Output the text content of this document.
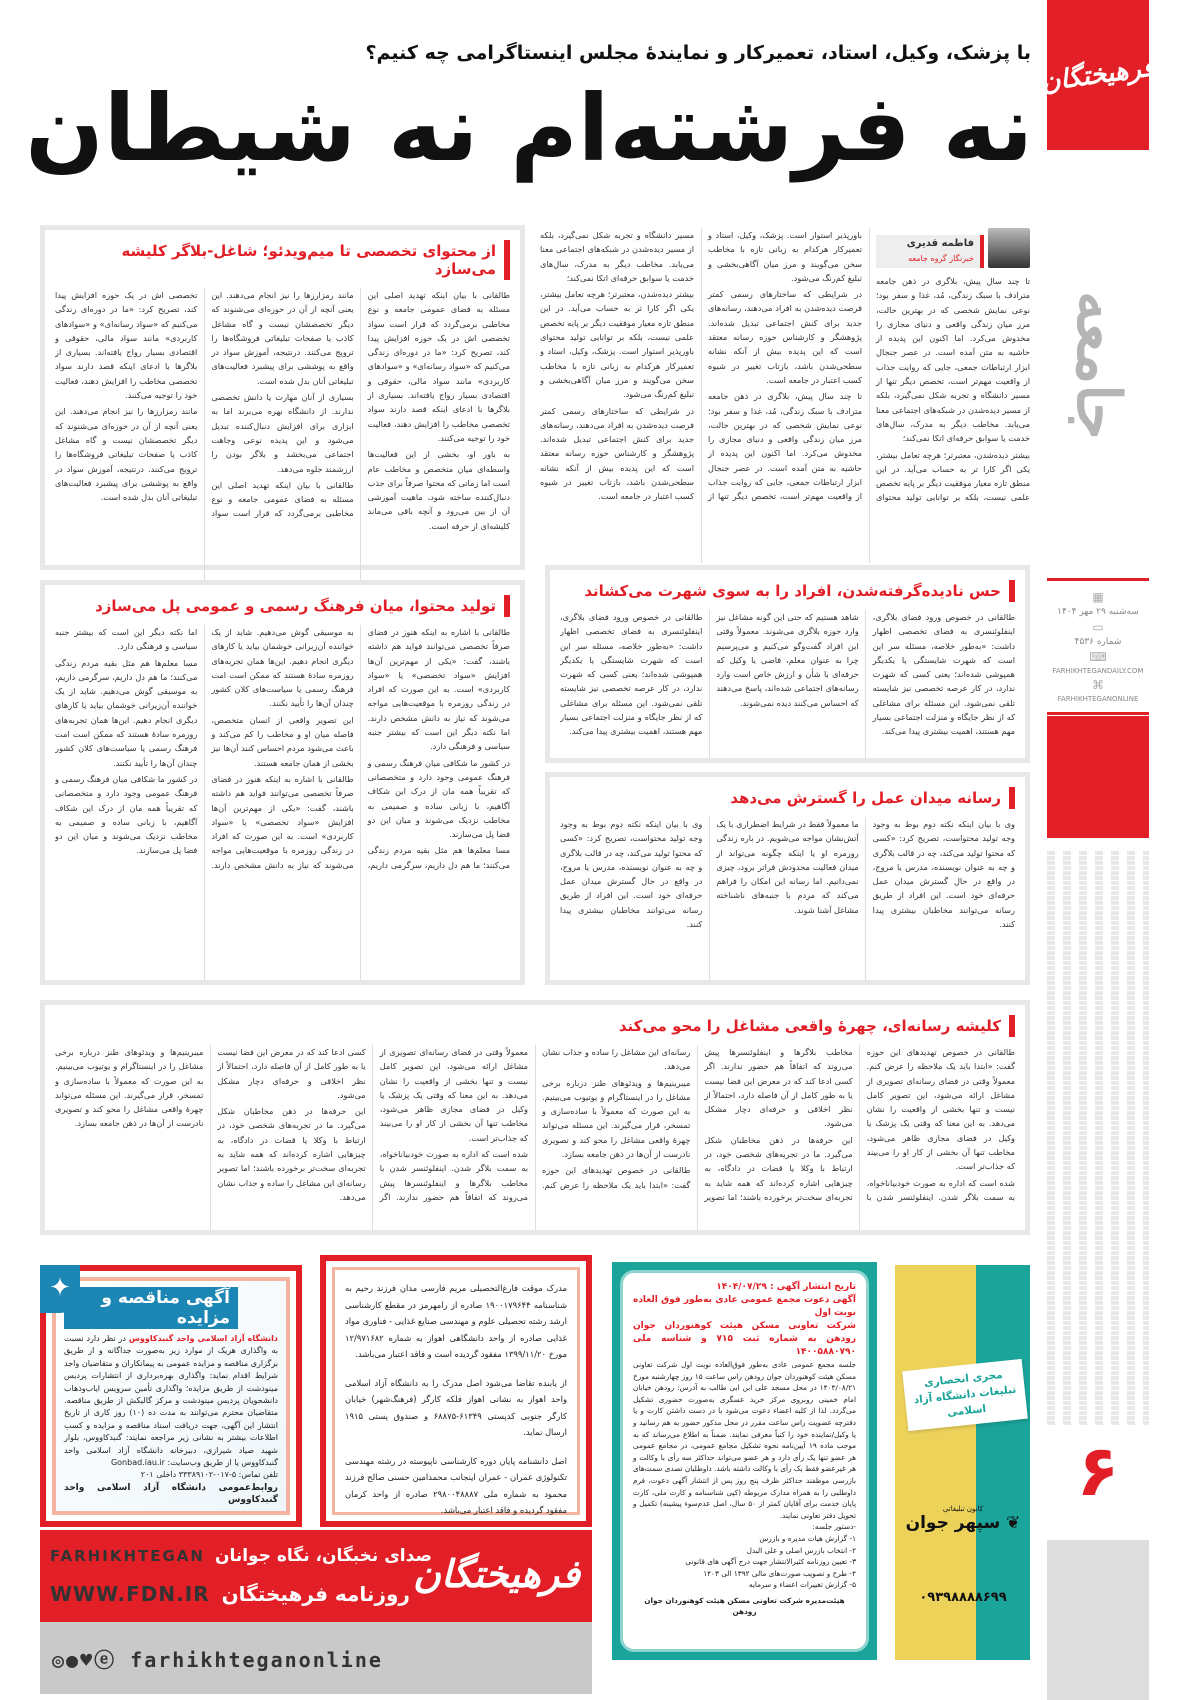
فرهیختگان
جامعه
▦
سه‌شنبه ۲۹ مهر ۱۴۰۴
▭
شماره ۴۵۳۶
⌨
FARHIKHTEGANDAILY.COM
⌘
FARHIKHTEGANONLINE
۶
با پزشک، وکیل، استاد، تعمیرکار و نمایندهٔ مجلس اینستاگرامی چه کنیم؟
نه فرشته‌ام نه شیطان
فاطمه قدیری
خبرنگار گروه جامعه

تا چند سال پیش، بلاگری در ذهن جامعه مترادف با سبک زندگی، مُد، غذا و سفر بود؛ نوعی نمایش شخصی که در بهترین حالت، مرز میان زندگی واقعی و دنیای مجازی را مخدوش می‌کرد. اما اکنون این پدیده از حاشیه به متن آمده است. در عصر جنجال ابزار ارتباطات جمعی، جایی که روایت جذاب از واقعیت مهم‌تر است، تخصص دیگر تنها از مسیر دانشگاه و تجربه شکل نمی‌گیرد، بلکه از مسیر دیده‌شدن در شبکه‌های اجتماعی معنا می‌یابد. مخاطب دیگر به مدرک، سال‌های خدمت یا سوابق حرفه‌ای اتکا نمی‌کند؛

بیشتر دیده‌شدن، معتبرتر؛ هرچه تعامل بیشتر، یکی اگر کارا تر به حساب می‌آید. در این منطق تازه معیار موفقیت دیگر بر پایه تخصص علمی نیست، بلکه بر توانایی تولید محتوای باورپذیر استوار است. پزشک، وکیل، استاد و تعمیرکار هرکدام به زبانی تازه با مخاطب سخن می‌گویند و مرز میان آگاهی‌بخشی و تبلیغ کم‌رنگ می‌شود.

در شرایطی که ساختارهای رسمی کمتر فرصت دیده‌شدن به افراد می‌دهند، رسانه‌های جدید برای کنش اجتماعی تبدیل شده‌اند. پژوهشگر و کارشناس حوزه رسانه معتقد است که این پدیده بیش از آنکه نشانه سطحی‌شدن باشد، بازتاب تغییر در شیوه کسب اعتبار در جامعه است.

تا چند سال پیش، بلاگری در ذهن جامعه مترادف با سبک زندگی، مُد، غذا و سفر بود؛ نوعی نمایش شخصی که در بهترین حالت، مرز میان زندگی واقعی و دنیای مجازی را مخدوش می‌کرد. اما اکنون این پدیده از حاشیه به متن آمده است. در عصر جنجال ابزار ارتباطات جمعی، جایی که روایت جذاب از واقعیت مهم‌تر است، تخصص دیگر تنها از مسیر دانشگاه و تجربه شکل نمی‌گیرد، بلکه از مسیر دیده‌شدن در شبکه‌های اجتماعی معنا می‌یابد. مخاطب دیگر به مدرک، سال‌های خدمت یا سوابق حرفه‌ای اتکا نمی‌کند؛

بیشتر دیده‌شدن، معتبرتر؛ هرچه تعامل بیشتر، یکی اگر کارا تر به حساب می‌آید. در این منطق تازه معیار موفقیت دیگر بر پایه تخصص علمی نیست، بلکه بر توانایی تولید محتوای باورپذیر استوار است. پزشک، وکیل، استاد و تعمیرکار هرکدام به زبانی تازه با مخاطب سخن می‌گویند و مرز میان آگاهی‌بخشی و تبلیغ کم‌رنگ می‌شود.

در شرایطی که ساختارهای رسمی کمتر فرصت دیده‌شدن به افراد می‌دهند، رسانه‌های جدید برای کنش اجتماعی تبدیل شده‌اند. پژوهشگر و کارشناس حوزه رسانه معتقد است که این پدیده بیش از آنکه نشانه سطحی‌شدن باشد، بازتاب تغییر در شیوه کسب اعتبار در جامعه است.

از محتوای تخصصی تا میم‌ویدئو؛ شاغل-بلاگر کلیشه می‌سازد

طالقانی با بیان اینکه تهدید اصلی این مسئله به فضای عمومی جامعه و نوع مخاطبی برمی‌گردد که قرار است سواد تخصصی اش در یک حوزه افزایش پیدا کند، تصریح کرد: «ما در دوره‌ای زندگی می‌کنیم که «سواد رسانه‌ای» و «سوادهای کاربردی» مانند سواد مالی، حقوقی و اقتصادی بسیار رواج یافته‌اند. بسیاری از بلاگرها با ادعای اینکه قصد دارند سواد تخصصی مخاطب را افزایش دهند، فعالیت خود را توجیه می‌کنند.

به باور او، بخشی از این فعالیت‌ها واسطه‌ای میان متخصص و مخاطب عام است اما زمانی که محتوا صرفاً برای جذب دنبال‌کننده ساخته شود، ماهیت آموزشی آن از بین می‌رود و آنچه باقی می‌ماند کلیشه‌ای از حرفه است.

مانند رمزارزها را نیز انجام می‌دهند. این یعنی آنچه از آن در حوزه‌ای می‌شنوند که دیگر تخصصشان نیست و گاه مشاغل کاذب یا صفحات تبلیغاتی فروشگاه‌ها را ترویج می‌کنند. درنتیجه، آموزش سواد در واقع به پوششی برای پیشبرد فعالیت‌های تبلیغاتی آنان بدل شده است.

بسیاری از آنان مهارت یا دانش تخصصی ندارند. از دانشگاه بهره می‌برند اما به ابزاری برای افزایش دنبال‌کننده تبدیل می‌شود و این پدیده نوعی وجاهت اجتماعی می‌بخشد و بلاگر بودن را ارزشمند جلوه می‌دهد.

طالقانی با بیان اینکه تهدید اصلی این مسئله به فضای عمومی جامعه و نوع مخاطبی برمی‌گردد که قرار است سواد تخصصی اش در یک حوزه افزایش پیدا کند، تصریح کرد: «ما در دوره‌ای زندگی می‌کنیم که «سواد رسانه‌ای» و «سوادهای کاربردی» مانند سواد مالی، حقوقی و اقتصادی بسیار رواج یافته‌اند. بسیاری از بلاگرها با ادعای اینکه قصد دارند سواد تخصصی مخاطب را افزایش دهند، فعالیت خود را توجیه می‌کنند.

مانند رمزارزها را نیز انجام می‌دهند. این یعنی آنچه از آن در حوزه‌ای می‌شنوند که دیگر تخصصشان نیست و گاه مشاغل کاذب یا صفحات تبلیغاتی فروشگاه‌ها را ترویج می‌کنند. درنتیجه، آموزش سواد در واقع به پوششی برای پیشبرد فعالیت‌های تبلیغاتی آنان بدل شده است.

تولید محتوا، میان فرهنگ رسمی و عمومی پل می‌سازد

طالقانی با اشاره به اینکه هنوز در فضای صرفاً تخصصی می‌توانند فواید هم داشته باشند، گفت: «یکی از مهم‌ترین آن‌ها افزایش «سواد تخصصی» یا «سواد کاربردی» است. به این صورت که افراد در زندگی روزمره با موقعیت‌هایی مواجه می‌شوند که نیاز به دانش مشخص دارند. اما نکته دیگر این است که بیشتر جنبه سیاسی و فرهنگی دارد.

در کشور ما شکافی میان فرهنگ رسمی و فرهنگ عمومی وجود دارد و متخصصانی که تقریباً همه مان از درک این شکاف آگاهیم، با زبانی ساده و صمیمی به مخاطب نزدیک می‌شوند و میان این دو فضا پل می‌سازند.

مسا معلم‌ها هم مثل بقیه مردم زندگی می‌کنند؛ ما هم دل داریم، سرگرمی داریم، به موسیقی گوش می‌دهیم. شاید از یک خواننده آن‌زیرانی خوشمان بیاید یا کارهای دیگری انجام دهیم. این‌ها همان تجربه‌های روزمره سادهٔ هستند که ممکن است امت فرهنگ رسمی یا سیاست‌های کلان کشور چندان آن‌ها را تأیید نکنند.

این تصویر واقعی از انسان متخصص، فاصله میان او و مخاطب را کم می‌کند و باعث می‌شود مردم احساس کنند آن‌ها نیز بخشی از همان جامعه هستند.

طالقانی با اشاره به اینکه هنوز در فضای صرفاً تخصصی می‌توانند فواید هم داشته باشند، گفت: «یکی از مهم‌ترین آن‌ها افزایش «سواد تخصصی» یا «سواد کاربردی» است. به این صورت که افراد در زندگی روزمره با موقعیت‌هایی مواجه می‌شوند که نیاز به دانش مشخص دارند. اما نکته دیگر این است که بیشتر جنبه سیاسی و فرهنگی دارد.

مسا معلم‌ها هم مثل بقیه مردم زندگی می‌کنند؛ ما هم دل داریم، سرگرمی داریم، به موسیقی گوش می‌دهیم. شاید از یک خواننده آن‌زیرانی خوشمان بیاید یا کارهای دیگری انجام دهیم. این‌ها همان تجربه‌های روزمره سادهٔ هستند که ممکن است امت فرهنگ رسمی یا سیاست‌های کلان کشور چندان آن‌ها را تأیید نکنند.

در کشور ما شکافی میان فرهنگ رسمی و فرهنگ عمومی وجود دارد و متخصصانی که تقریباً همه مان از درک این شکاف آگاهیم، با زبانی ساده و صمیمی به مخاطب نزدیک می‌شوند و میان این دو فضا پل می‌سازند.

حس نادیده‌گرفته‌شدن، افراد را به سوی شهرت می‌کشاند

طالقانی در خصوص ورود فضای بلاگری، اینفلوئنسری به فضای تخصصی اظهار داشت: «به‌طور خلاصه، مسئله سر این است که شهرت شایستگی یا یکدیگر همپوشی شده‌اند؛ یعنی کسی که شهرت ندارد، در کار عرصه تخصصی نیز شایسته تلقی نمی‌شود. این مسئله برای مشاغلی که از نظر جایگاه و منزلت اجتماعی بسیار مهم هستند، اهمیت بیشتری پیدا می‌کند.

شاهد هستیم که حتی این گونه مشاغل نیز وارد حوزه بلاگری می‌شوند. معمولاً وقتی این افراد گفت‌وگو می‌کنیم و می‌پرسیم چرا به عنوان معلم، قاضی یا وکیل که حرفه‌ای با شأن و ارزش خاص است وارد رسانه‌های اجتماعی شده‌اند، پاسخ می‌دهند که احساس می‌کنند دیده نمی‌شوند.

طالقانی در خصوص ورود فضای بلاگری، اینفلوئنسری به فضای تخصصی اظهار داشت: «به‌طور خلاصه، مسئله سر این است که شهرت شایستگی یا یکدیگر همپوشی شده‌اند؛ یعنی کسی که شهرت ندارد، در کار عرصه تخصصی نیز شایسته تلقی نمی‌شود. این مسئله برای مشاغلی که از نظر جایگاه و منزلت اجتماعی بسیار مهم هستند، اهمیت بیشتری پیدا می‌کند.

رسانه میدان عمل را گسترش می‌دهد

وی با بیان اینکه نکته دوم بوط به وجود وجه تولید محتواست، تصریح کرد: «کسی که محتوا تولید می‌کند، چه در قالب بلاگری و چه به عنوان نویسنده، مدرس یا مروج، در واقع در حال گسترش میدان عمل حرفه‌ای خود است. این افراد از طریق رسانه می‌توانند مخاطبان بیشتری پیدا کنند.

ما معمولاً فقط در شرایط اضطراری با یک آتش‌نشان مواجه می‌شویم. در باره زندگی روزمره او یا اینکه چگونه می‌تواند از میدان فعالیت محدودش فراتر برود، چیزی نمی‌دانیم. اما رسانه این امکان را فراهم می‌کند که مردم با جنبه‌های ناشناخته مشاغل آشنا شوند.

وی با بیان اینکه نکته دوم بوط به وجود وجه تولید محتواست، تصریح کرد: «کسی که محتوا تولید می‌کند، چه در قالب بلاگری و چه به عنوان نویسنده، مدرس یا مروج، در واقع در حال گسترش میدان عمل حرفه‌ای خود است. این افراد از طریق رسانه می‌توانند مخاطبان بیشتری پیدا کنند.

کلیشه رسانه‌ای، چهرهٔ واقعی مشاغل را محو می‌کند

طالقانی در خصوص تهدیدهای این حوزه گفت: «ابتدا باید یک ملاحظه را عرض کنم. معمولاً وقتی در فضای رسانه‌ای تصویری از مشاغل ارائه می‌شود، این تصویر کامل نیست و تنها بخشی از واقعیت را نشان می‌دهد. به این معنا که وقتی یک پزشک یا وکیل در فضای مجازی ظاهر می‌شود، مخاطب تنها آن بخشی از کار او را می‌بیند که جذاب‌تر است.

شده است که اداره به صورت خودبیاناخواه، به سمت بلاگر شدن. اینفلوئنسر شدن با مخاطب بلاگرها و اینفلوئنسرها پیش می‌روند که اتفاقاً هم حضور ندارند. اگر کسی ادعا کند که در معرض این فضا نیست یا به طور کامل از آن فاصله دارد، احتمالاً از نظر اخلاقی و حرفه‌ای دچار مشکل می‌شود.

این حرفه‌ها در ذهن مخاطبان شکل می‌گیرد. ما در تجربه‌های شخصی خود، در ارتباط با وکلا یا قضات در دادگاه، به چیزهایی اشاره کرده‌اند که همه شاید به تجربه‌ای سخت‌تر برخورده باشند؛ اما تصویر رسانه‌ای این مشاغل را ساده و جذاب نشان می‌دهد.

میبرینیم‌ها و ویدئوهای طنز درباره برخی مشاغل را در اینستاگرام و یوتیوب می‌بینیم. به این صورت که معمولاً با ساده‌سازی و تمسخر، قرار می‌گیرند. این مسئله می‌تواند چهرهٔ واقعی مشاغل را محو کند و تصویری نادرست از آن‌ها در ذهن جامعه بسازد.

طالقانی در خصوص تهدیدهای این حوزه گفت: «ابتدا باید یک ملاحظه را عرض کنم. معمولاً وقتی در فضای رسانه‌ای تصویری از مشاغل ارائه می‌شود، این تصویر کامل نیست و تنها بخشی از واقعیت را نشان می‌دهد. به این معنا که وقتی یک پزشک یا وکیل در فضای مجازی ظاهر می‌شود، مخاطب تنها آن بخشی از کار او را می‌بیند که جذاب‌تر است.

شده است که اداره به صورت خودبیاناخواه، به سمت بلاگر شدن. اینفلوئنسر شدن با مخاطب بلاگرها و اینفلوئنسرها پیش می‌روند که اتفاقاً هم حضور ندارند. اگر کسی ادعا کند که در معرض این فضا نیست یا به طور کامل از آن فاصله دارد، احتمالاً از نظر اخلاقی و حرفه‌ای دچار مشکل می‌شود.

این حرفه‌ها در ذهن مخاطبان شکل می‌گیرد. ما در تجربه‌های شخصی خود، در ارتباط با وکلا یا قضات در دادگاه، به چیزهایی اشاره کرده‌اند که همه شاید به تجربه‌ای سخت‌تر برخورده باشند؛ اما تصویر رسانه‌ای این مشاغل را ساده و جذاب نشان می‌دهد.

میبرینیم‌ها و ویدئوهای طنز درباره برخی مشاغل را در اینستاگرام و یوتیوب می‌بینیم. به این صورت که معمولاً با ساده‌سازی و تمسخر، قرار می‌گیرند. این مسئله می‌تواند چهرهٔ واقعی مشاغل را محو کند و تصویری نادرست از آن‌ها در ذهن جامعه بسازد.

آگهی مناقصه و مزایده

دانشگاه آزاد اسلامی واحد گنبدکاووس در نظر دارد نسبت به واگذاری هریک از موارد زیر به‌صورت جداگانه و از طریق برگزاری مناقصه و مزایده عمومی به پیمانکاران و متقاضیان واجد شرایط اقدام نماید: واگذاری بهره‌برداری از انتشارات پردیس مینودشت از طریق مزایده؛ واگذاری تأمین سرویس ایاب‌وذهاب دانشجویان پردیس مینودشت و مرکز گالیکش از طریق مناقصه. متقاضیان محترم می‌توانند به مدت ده (۱۰) روز کاری از تاریخ انتشار این آگهی، جهت دریافت اسناد مناقصه و مزایده و کسب اطلاعات بیشتر به نشانی زیر مراجعه نمایند: گنبدکاووس، بلوار شهید صیاد شیرازی، دبیرخانه دانشگاه آزاد اسلامی واحد گنبدکاووس یا از طریق وب‌سایت: Gonbad.iau.ir

تلفن تماس: ۵-۰۱۷-۳۳۳۸۹۱۰۲ داخلی ۲۰۱

روابط‌عمومی دانشگاه آزاد اسلامی واحد گنبدکاووس

✦	مدرک موقت فارغ‌التحصیلی مریم فارسی مدان فرزند رحیم به شناسنامه ۱۹۰۰۱۷۹۶۴۴ صادره از رامهرمز در مقطع کارشناسی ارشد رشته تحصیلی علوم و مهندسی صنایع غذایی - فناوری مواد غذایی صادره از واحد دانشگاهی اهواز به شماره ۱۲/۹۷۱۶۸۲ مورخ ۱۳۹۹/۱۱/۲۰ مفقود گردیده است و فاقد اعتبار می‌باشد.

از یابنده تقاضا می‌شود اصل مدرک را به دانشگاه آزاد اسلامی واحد اهواز به نشانی اهواز فلکه کارگر (فرهنگ‌شهر) خیابان کارگر جنوبی کدپستی ۶۱۳۴۹-۶۸۸۷۵ و صندوق پستی ۱۹۱۵ ارسال نماید.

اصل دانشنامه پایان دوره کارشناسی ناپیوسته در رشته مهندسی تکنولوژی عمران - عمران اینجانب محمدامین حسنی صالح فرزند محمود به شماره ملی ۲۹۸۰۰۴۸۸۸۷ صادره از واحد کرمان مفقود گردیده و فاقد اعتبار می‌باشد.

تاریخ انتشار آگهی : ۱۴۰۴/۰۷/۲۹
آگهی دعوت مجمع عمومی عادی به‌طور فوق العاده نوبت اول
شرکت تعاونی مسکن هیئت کوهنوردان جوان رودهن به شماره ثبت ۷۱۵ و شناسه ملی ۱۴۰۰۵۸۸۰۷۹۰
جلسه مجمع عمومی عادی به‌طور فوق‌العاده نوبت اول شرکت تعاونی مسکن هیئت کوهنوردان جوان رودهن راس ساعت ۱۵ روز چهارشنبه مورخ ۱۴۰۴/۰۸/۲۱ در محل مسجد علی ابن ابی طالب به آدرس: رودهن خیابان امام خمینی روبروی مرکز خرید عسگری به‌صورت حضوری تشکیل می‌گردد. لذا از کلیه اعضاء دعوت می‌شود با در دست داشتن کارت و یا دفترچه عضویت راس ساعت مقرر در محل مذکور حضور به هم رسانید و یا وکیل/نماینده خود را کتباً معرفی نمایند. ضمناً به اطلاع می‌رساند که به موجب ماده ۱۹ آیین‌نامه نحوه تشکیل مجامع عمومی، در مجامع عمومی هر عضو تنها یک رأی دارد و هر عضو می‌تواند حداکثر سه رأی با وکالت و هر غیرعضو فقط یک رأی با وکالت داشته باشد. داوطلبان تصدی سمت‌های بازرسی موظفند حداکثر ظرف پنج روز پس از انتشار آگهی دعوت، فرم داوطلبی را به همراه مدارک مربوطه (کپی شناسنامه و کارت ملی، کارت پایان خدمت برای آقایان کمتر از ۵۰ سال، اصل عدم‌سوء پیشینه) تکمیل و تحویل دفتر تعاونی نمایند.
-دستور جلسه:
۱- گزارش هیات مدیره و بازرس
۲- انتخاب بازرس اصلی و علی البدل
۳- تعیین روزنامه کثیرالانتشار جهت درج آگهی های قانونی
۴- طرح و تصویب صورت‌های مالی ۱۳۹۲ الی ۱۴۰۳
۵- گزارش تغییرات اعضاء و سرمایه
هیئت‌مدیره شرکت تعاونی مسکن هیئت کوهنوردان جوان رودهن
مجری انحصاری تبلیغات دانشگاه آزاد اسلامی
کانون تبلیغاتی
❦ سپهر جوان
۰۹۳۹۸۸۸۸۶۹۹
فرهیختگان
FARHIKHTEGAN صدای نخبگان، نگاه جوانان
WWW.FDN.IR روزنامه فرهیختگان
◎●♥ⓔ farhikhteganonline
